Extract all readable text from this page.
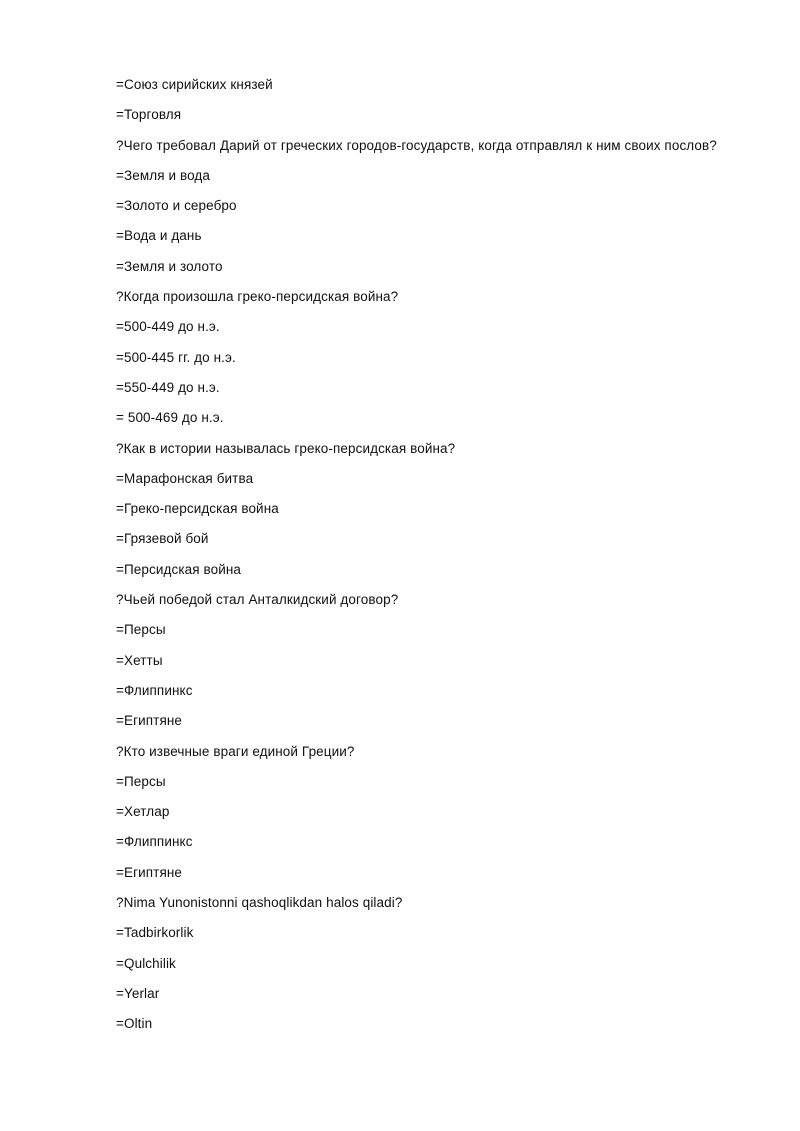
=Союз сирийских князей
=Торговля
?Чего требовал Дарий от греческих городов-государств, когда отправлял к ним своих послов?
=Земля и вода
=Золото и серебро
=Вода и дань
=Земля и золото
?Когда произошла греко-персидская война?
=500-449 до н.э.
=500-445 гг. до н.э.
=550-449 до н.э.
= 500-469 до н.э.
?Как в истории называлась греко-персидская война?
=Марафонская битва
=Греко-персидская война
=Грязевой бой
=Персидская война
?Чьей победой стал Анталкидский договор?
=Персы
=Хетты
=Флиппинкс
=Египтяне
?Кто извечные враги единой Греции?
=Персы
=Хетлар
=Флиппинкс
=Египтяне
?Nima Yunonistonni qashoqlikdan halos qiladi?
=Tadbirkorlik
=Qulchilik
=Yerlar
=Oltin
